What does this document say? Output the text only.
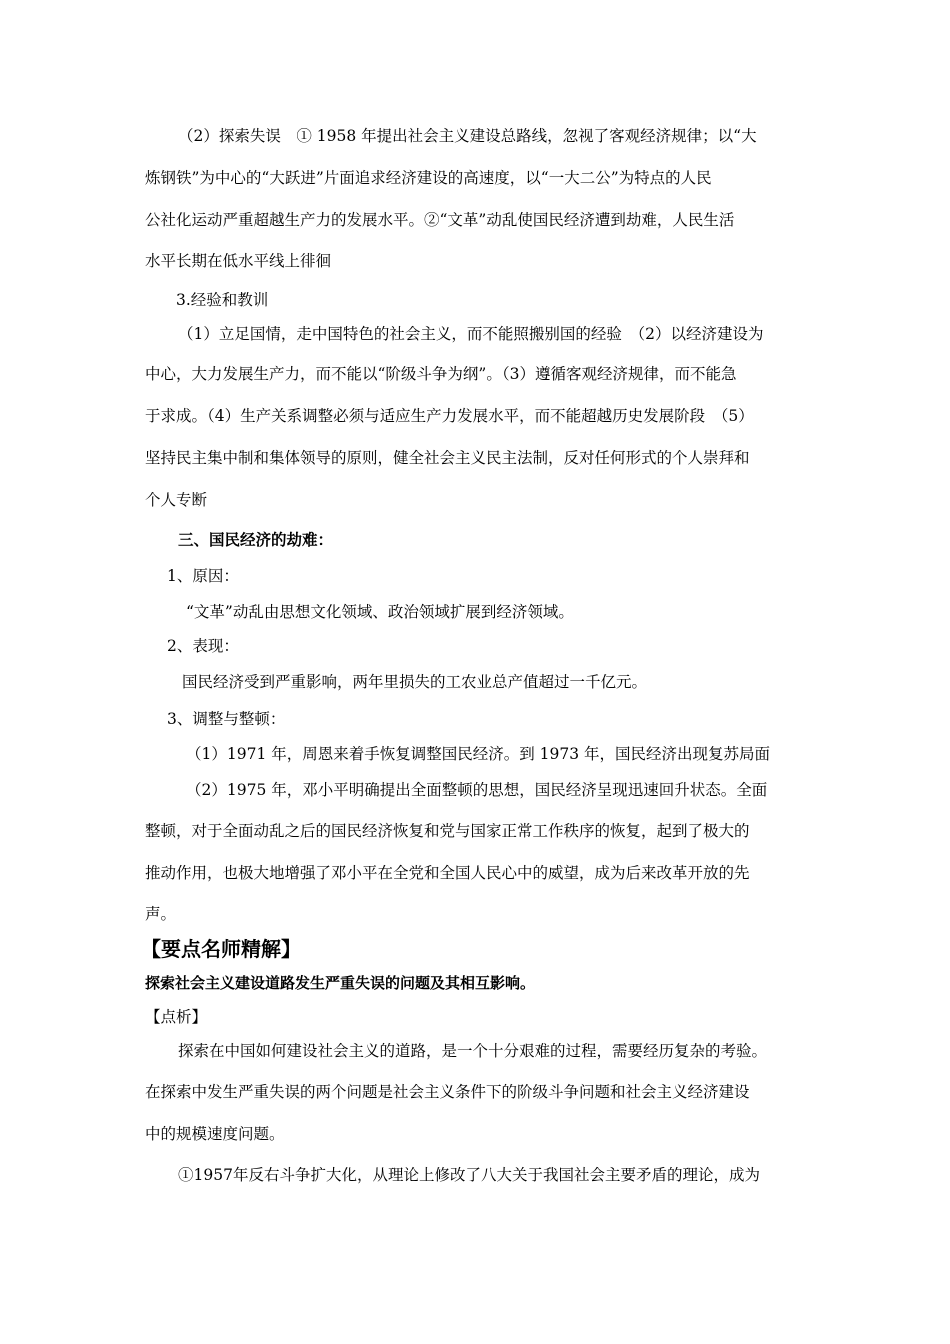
（2）探索失误　① 1958 年提出社会主义建设总路线，忽视了客观经济规律；以“大
炼钢铁”为中心的“大跃进”片面追求经济建设的高速度，以“一大二公”为特点的人民
公社化运动严重超越生产力的发展水平。②“文革”动乱使国民经济遭到劫难，人民生活
水平长期在低水平线上徘徊
3.经验和教训
（1）立足国情，走中国特色的社会主义，而不能照搬别国的经验　（2）以经济建设为
中心，大力发展生产力，而不能以“阶级斗争为纲”。（3）遵循客观经济规律，而不能急
于求成。（4）生产关系调整必须与适应生产力发展水平，而不能超越历史发展阶段　（5）
坚持民主集中制和集体领导的原则，健全社会主义民主法制，反对任何形式的个人崇拜和
个人专断
三、国民经济的劫难：
1、原因：
“文革”动乱由思想文化领域、政治领域扩展到经济领域。
2、表现：
国民经济受到严重影响，两年里损失的工农业总产值超过一千亿元。
3、调整与整顿：
（1）1971 年，周恩来着手恢复调整国民经济。到 1973 年，国民经济出现复苏局面
（2）1975 年，邓小平明确提出全面整顿的思想，国民经济呈现迅速回升状态。全面
整顿，对于全面动乱之后的国民经济恢复和党与国家正常工作秩序的恢复，起到了极大的
推动作用，也极大地增强了邓小平在全党和全国人民心中的威望，成为后来改革开放的先
声。
【要点名师精解】
探索社会主义建设道路发生严重失误的问题及其相互影响。
【点析】
探索在中国如何建设社会主义的道路，是一个十分艰难的过程，需要经历复杂的考验。
在探索中发生严重失误的两个问题是社会主义条件下的阶级斗争问题和社会主义经济建设
中的规模速度问题。
①1957年反右斗争扩大化，从理论上修改了八大关于我国社会主要矛盾的理论，成为
